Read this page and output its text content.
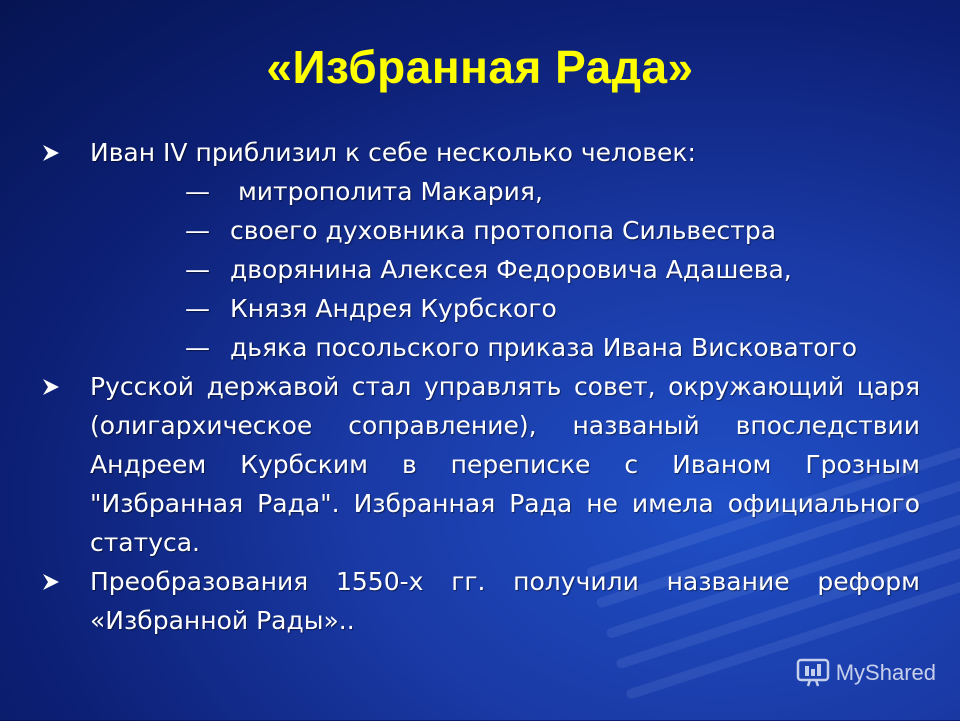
«Избранная Рада»
Иван IV приблизил к себе несколько человек:
— митрополита Макария,
— своего духовника протопопа Сильвестра
— дворянина Алексея Федоровича Адашева,
— Князя Андрея Курбского
— дьяка посольского приказа Ивана Висковатого
Русской державой стал управлять совет, окружающий царя (олигархическое соправление), названый впоследствии Андреем Курбским в переписке с Иваном Грозным "Избранная Рада". Избранная Рада не имела официального статуса.
Преобразования 1550-х гг. получили название реформ «Избранной Рады»..
MyShared
